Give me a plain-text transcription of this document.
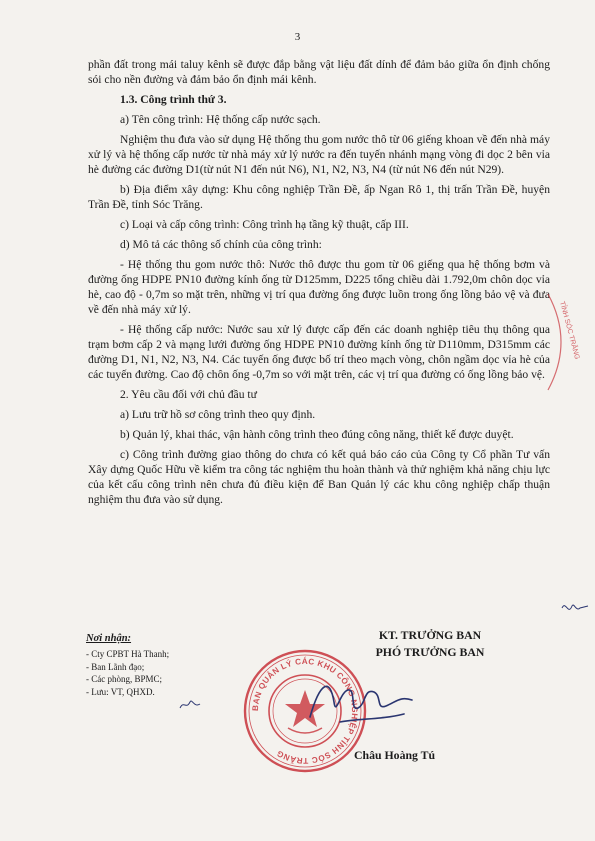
3

phần đất trong mái taluy kênh sẽ được đắp bằng vật liệu đất dính để đảm bảo giữa ổn định chống sói cho nền đường và đảm bảo ổn định mái kênh.

1.3. Công trình thứ 3.

a) Tên công trình: Hệ thống cấp nước sạch.

Nghiệm thu đưa vào sử dụng Hệ thống thu gom nước thô từ 06 giếng khoan về đến nhà máy xử lý và hệ thống cấp nước từ nhà máy xử lý nước ra đến tuyến nhánh mạng vòng đi dọc 2 bên vỉa hè đường các đường D1(từ nút N1 đến nút N6), N1, N2, N3, N4 (từ nút N6 đến nút N29).

b) Địa điểm xây dựng: Khu công nghiệp Trần Đề, ấp Ngan Rô 1, thị trấn Trần Đề, huyện Trần Đề, tỉnh Sóc Trăng.

c) Loại và cấp công trình: Công trình hạ tầng kỹ thuật, cấp III.

d) Mô tả các thông số chính của công trình:

- Hệ thống thu gom nước thô: Nước thô được thu gom từ 06 giếng qua hệ thống bơm và đường ống HDPE PN10 đường kính ống từ D125mm, D225 tổng chiều dài 1.792,0m chôn dọc vỉa hè, cao độ - 0,7m so mặt trên, những vị trí qua đường ống được luồn trong ống lồng bảo vệ và đưa về đến nhà máy xử lý.

- Hệ thống cấp nước: Nước sau xử lý được cấp đến các doanh nghiệp tiêu thụ thông qua trạm bơm cấp 2 và mạng lưới đường ống HDPE PN10 đường kính ống từ D110mm, D315mm các đường D1, N1, N2, N3, N4. Các tuyến ống được bố trí theo mạch vòng, chôn ngầm dọc vỉa hè của các tuyến đường. Cao độ chôn ống -0,7m so với mặt trên, các vị trí qua đường có ống lồng bảo vệ.

2. Yêu cầu đối với chủ đầu tư

a) Lưu trữ hồ sơ công trình theo quy định.

b) Quản lý, khai thác, vận hành công trình theo đúng công năng, thiết kế được duyệt.

c) Công trình đường giao thông do chưa có kết quả báo cáo của Công ty Cổ phần Tư vấn Xây dựng Quốc Hữu về kiểm tra công tác nghiệm thu hoàn thành và thử nghiệm khả năng chịu lực của kết cấu công trình nên chưa đủ điều kiện để Ban Quản lý các khu công nghiệp chấp thuận nghiệm thu đưa vào sử dụng.

Nơi nhận:
- Cty CPBT Hà Thanh;
- Ban Lãnh đạo;
- Các phòng, BPMC;
- Lưu: VT, QHXD.
KT. TRƯỞNG BAN
PHÓ TRƯỞNG BAN
BAN QUẢN LÝ CÁC KHU CÔNG NGHIỆP TỈNH SÓC TRĂNG
TỈNH SÓC TRĂNG
Châu Hoàng Tú
